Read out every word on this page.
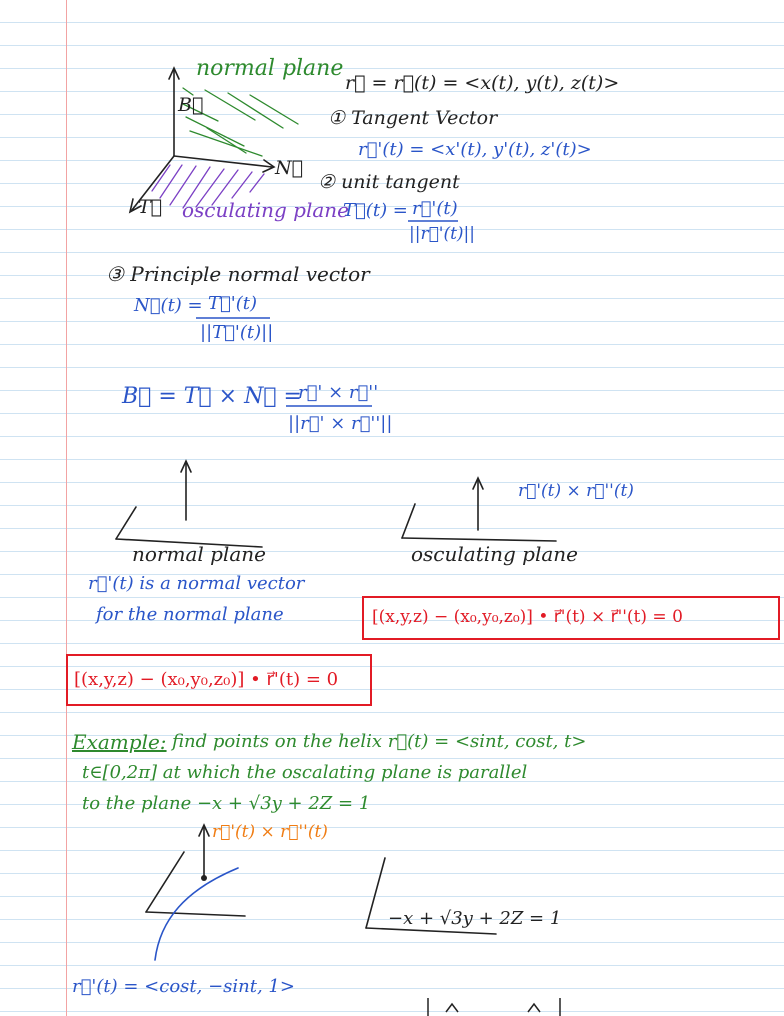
normal plane
B⃗
N⃗
T⃗ osculating plane
r⃗ = r⃗(t) = <x(t), y(t), z(t)>
① Tangent Vector
r⃗'(t) = <x'(t), y'(t), z'(t)>
② unit tangent
T⃗(t) = r⃗'(t)
||r⃗'(t)||
③ Principle normal vector
N⃗(t) = T⃗'(t)
||T⃗'(t)||
B⃗ = T⃗ × N⃗ =
r⃗' × r⃗''
||r⃗' × r⃗''||
r⃗'(t) × r⃗''(t)
normal plane	osculating plane
r⃗'(t) is a normal vector
for the normal plane	[(x,y,z) − (x₀,y₀,z₀)] • r⃗'(t) × r⃗''(t) = 0
[(x,y,z) − (x₀,y₀,z₀)] • r⃗'(t) = 0
Example: find points on the helix r⃗(t) = <sint, cost, t>
t∈[0,2π] at which the oscalating plane is parallel
to the plane −x + √3y + 2Z = 1
r⃗'(t) × r⃗''(t)
−x + √3y + 2Z = 1
r⃗'(t) = <cost, −sint, 1>
